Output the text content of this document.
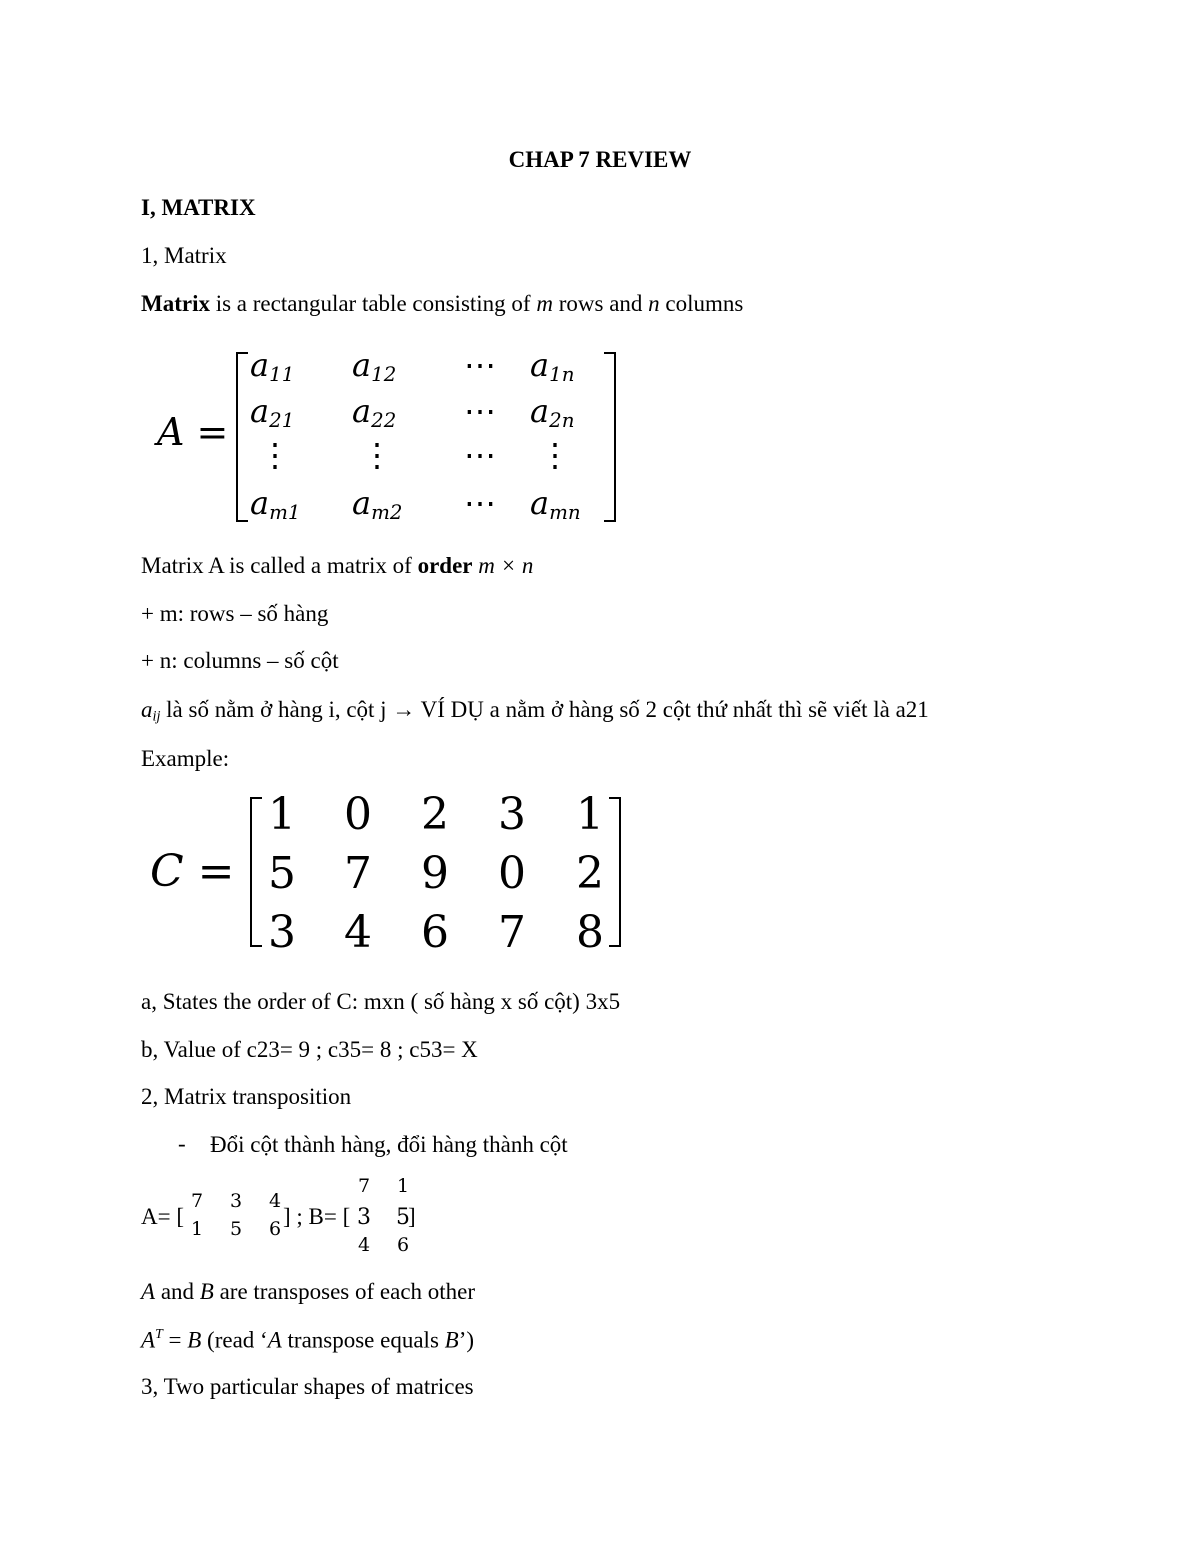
CHAP 7 REVIEW
I, MATRIX
1, Matrix
Matrix is a rectangular table consisting of m rows and n columns
A =
$a_{11}$	$a_{12}$	⋯	$a_{1n}$
$a_{21}$	$a_{22}$	⋯	$a_{2n}$
⋮	⋮	⋯	⋮
$a_{m1}$	$a_{m2}$	⋯	$a_{mn}$
Matrix A is called a matrix of order m × n
+ m: rows – số hàng
+ n: columns – số cột
$a_{ij}$ là số nằm ở hàng i, cột j → VÍ DỤ a nằm ở hàng số 2 cột thứ nhất thì sẽ viết là a21
Example:
C =
1 0 2 3 1
5 7 9 0 2
3 4 6 7 8
a, States the order of C: mxn ( số hàng x số cột) 3x5
b, Value of c23= 9 ; c35= 8 ; c53= X
2, Matrix transposition
- Đổi cột thành hàng, đổi hàng thành cột
A= [
7 3 4
1 5 6 ] ; B= [
7 1
3 5
4 6
]
A and B are transposes of each other
$A^T = B$ (read ‘A transpose equals B’)
3, Two particular shapes of matrices
